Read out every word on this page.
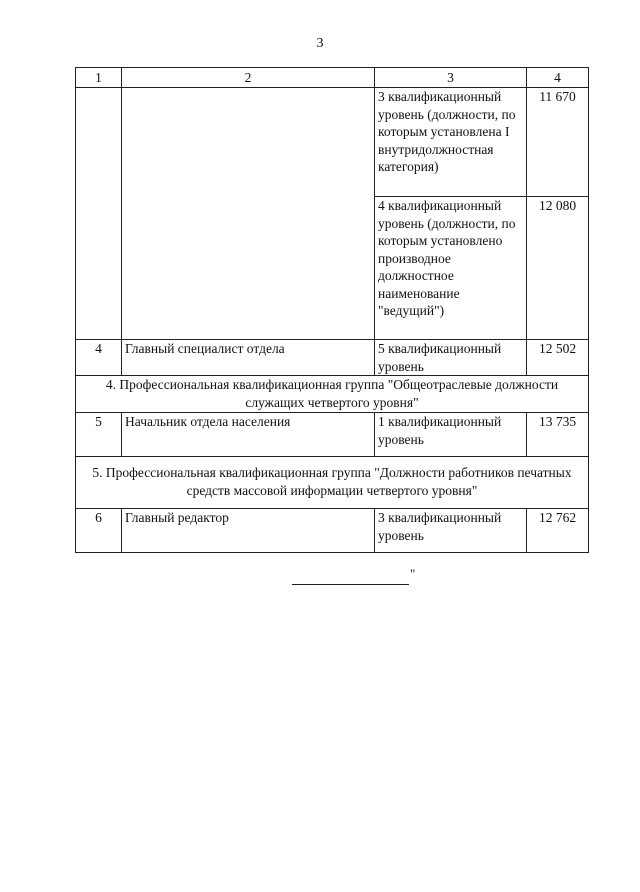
3
1	2	3	4
		3 квалификационный уровень (должности, по которым установлена I внутридолжностная категория)	11 670
		4 квалификационный уровень (должности, по которым установлено производное должностное наименование "ведущий")	12 080
4	Главный специалист отдела	5 квалификационный уровень	12 502
4. Профессиональная квалификационная группа "Общеотраслевые должности служащих четвертого уровня"			
5	Начальник отдела населения	1 квалификационный уровень	13 735
5. Профессиональная квалификационная группа "Должности работников печатных средств массовой информации четвертого уровня"			
6	Главный редактор	3 квалификационный уровень	12 762
"
